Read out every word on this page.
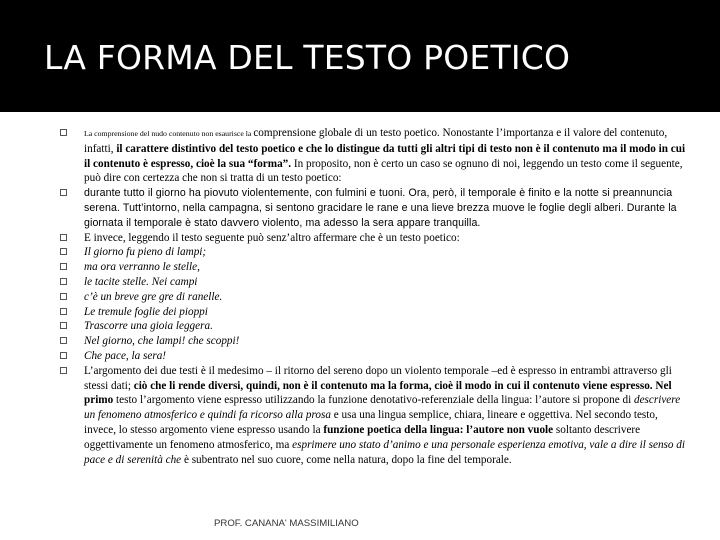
LA FORMA DEL TESTO POETICO
La comprensione del nudo contenuto non esaurisce la comprensione globale di un testo poetico. Nonostante l’importanza e il valore del contenuto, infatti, il carattere distintivo del testo poetico e che lo distingue da tutti gli altri tipi di testo non è il contenuto ma il modo in cui il contenuto è espresso, cioè la sua “forma”. In proposito, non è certo un caso se ognuno di noi, leggendo un testo come il seguente, può dire con certezza che non si tratta di un testo poetico:
durante tutto il giorno ha piovuto violentemente, con fulmini e tuoni. Ora, però, il temporale è finito e la notte si preannuncia serena. Tutt’intorno, nella campagna, si sentono gracidare le rane e una lieve brezza muove le foglie degli alberi. Durante la giornata il temporale è stato davvero violento, ma adesso la sera appare tranquilla.
E invece, leggendo il testo seguente può senz’altro affermare che è un testo poetico:
Il giorno fu pieno di lampi;
ma ora verranno le stelle,
le tacite stelle. Nei campi
c’è un breve gre gre di ranelle.
Le tremule foglie dei pioppi
Trascorre una gioia leggera.
Nel giorno, che lampi! che scoppi!
Che pace, la sera!
L’argomento dei due testi è il medesimo – il ritorno del sereno dopo un violento temporale –ed è espresso in entrambi attraverso gli stessi dati; ciò che li rende diversi, quindi, non è il contenuto ma la forma, cioè il modo in cui il contenuto viene espresso. Nel primo testo l’argomento viene espresso utilizzando la funzione denotativo-referenziale della lingua: l’autore si propone di descrivere un fenomeno atmosferico e quindi fa ricorso alla prosa e usa una lingua semplice, chiara, lineare e oggettiva. Nel secondo testo, invece, lo stesso argomento viene espresso usando la funzione poetica della lingua: l’autore non vuole soltanto descrivere oggettivamente un fenomeno atmosferico, ma esprimere uno stato d’animo e una personale esperienza emotiva, vale a dire il senso di pace e di serenità che è subentrato nel suo cuore, come nella natura, dopo la fine del temporale.

PROF. CANANA' MASSIMILIANO
